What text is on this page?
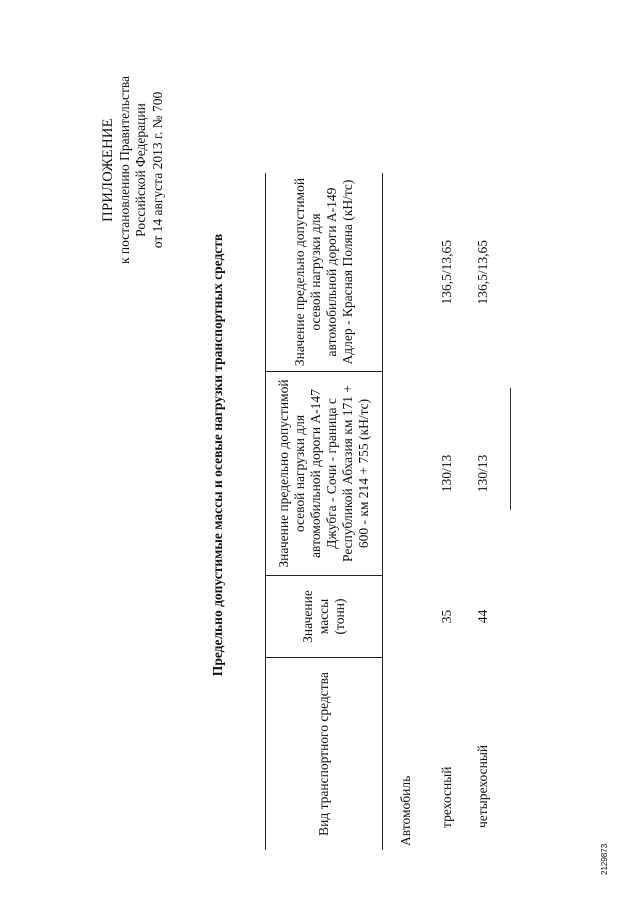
ПРИЛОЖЕНИЕ к постановлению Правительства Российской Федерации от 14 августа 2013 г. № 700
Предельно допустимые массы и осевые нагрузки транспортных средств
Вид транспортного средства	Значение массы (тонн)	Значение предельно допустимой осевой нагрузки для автомобильной дороги А-147 Джубга - Сочи - граница с Республикой Абхазия км 171 + 600 - км 214 + 755 (кН/тс)	Значение предельно допустимой осевой нагрузки для автомобильной дороги А-149 Адлер - Красная Поляна (кН/тс)
Автомобиль			
трехосный	35	130/13	136,5/13,65
четырехосный	44	130/13	136,5/13,65
2129873
